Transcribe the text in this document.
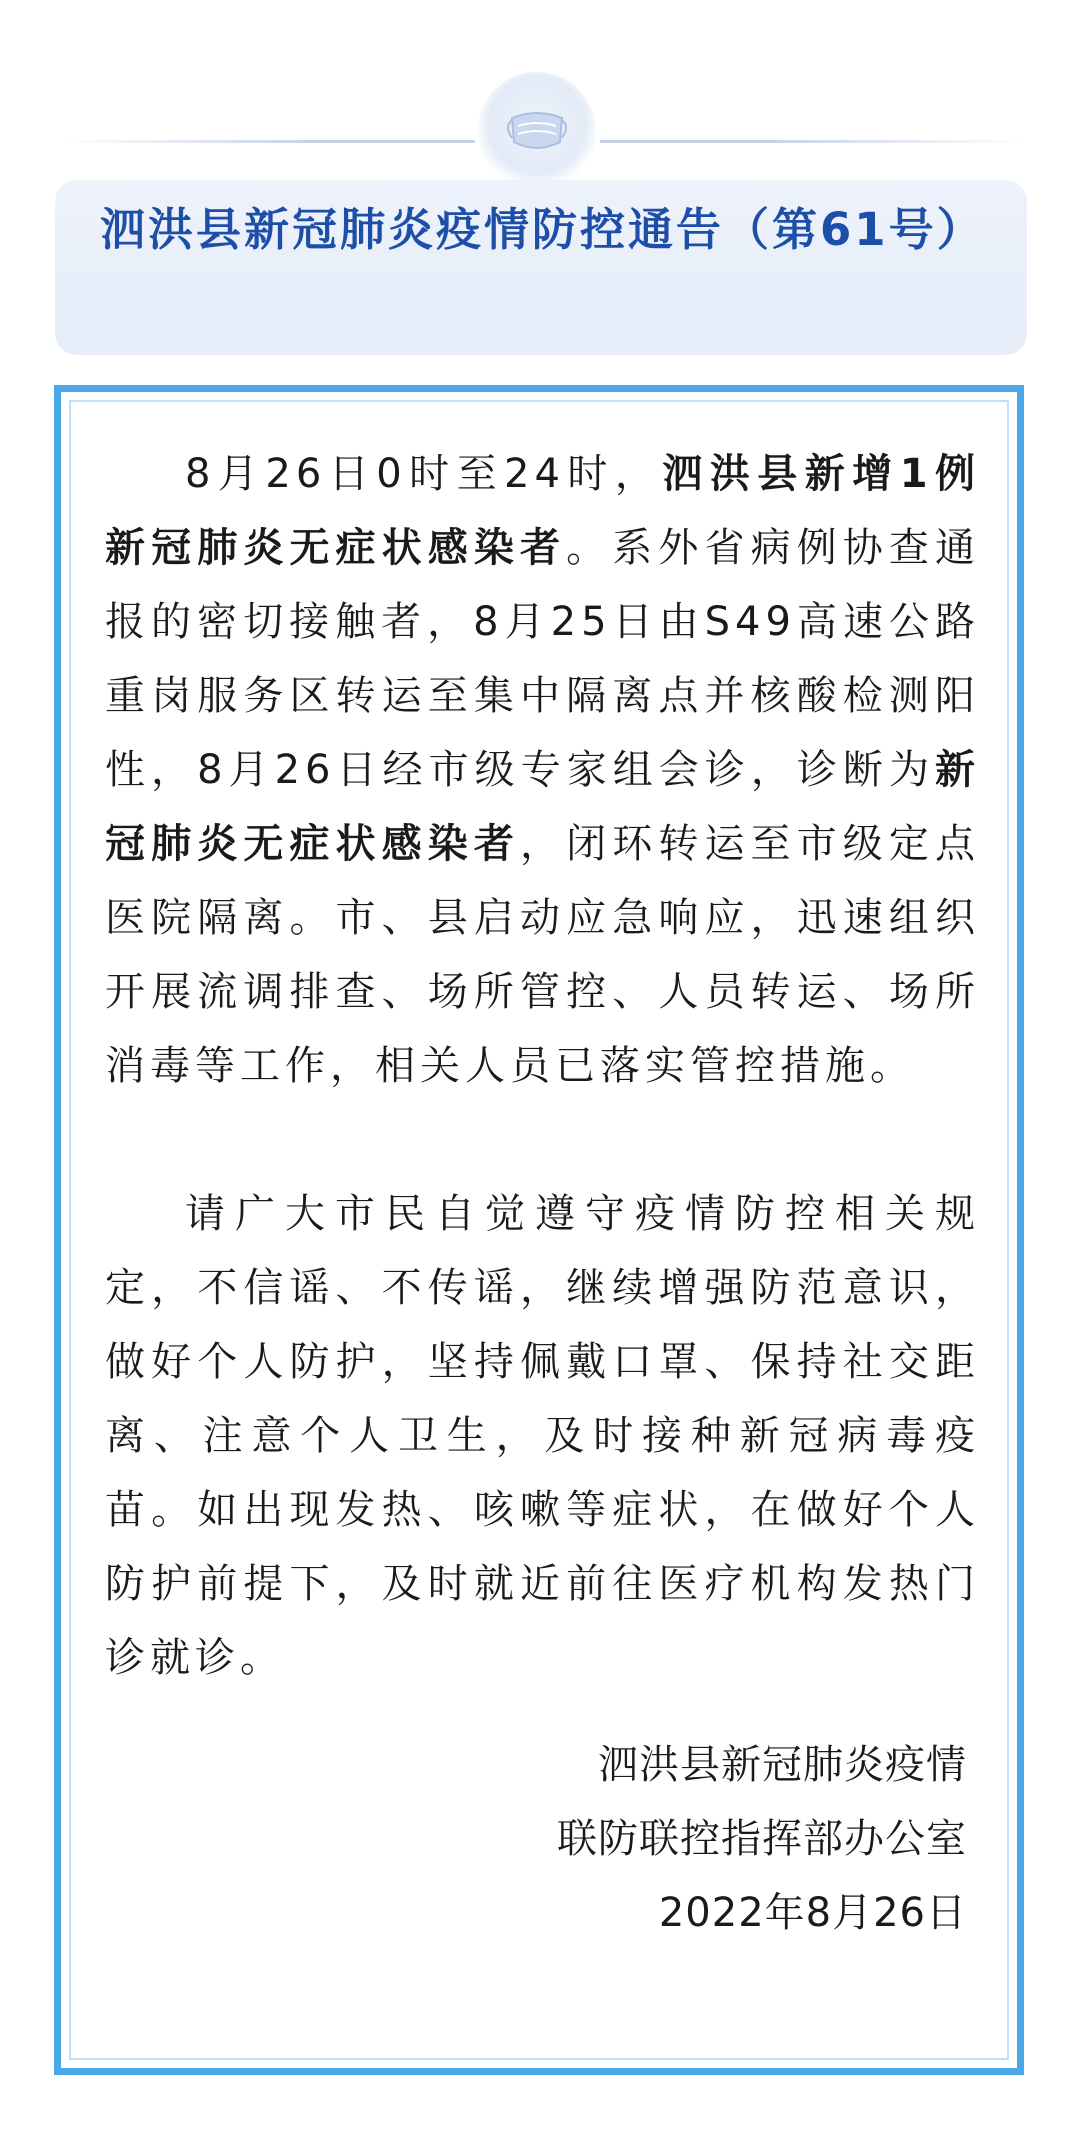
泗洪县新冠肺炎疫情防控通告（第61号）

8月26日0时至24时，泗洪县新增1例新冠肺炎无症状感染者。系外省病例协查通报的密切接触者，8月25日由S49高速公路重岗服务区转运至集中隔离点并核酸检测阳性，8月26日经市级专家组会诊，诊断为新冠肺炎无症状感染者，闭环转运至市级定点医院隔离。市、县启动应急响应，迅速组织开展流调排查、场所管控、人员转运、场所消毒等工作，相关人员已落实管控措施。

请广大市民自觉遵守疫情防控相关规定，不信谣、不传谣，继续增强防范意识，做好个人防护，坚持佩戴口罩、保持社交距离、注意个人卫生，及时接种新冠病毒疫苗。如出现发热、咳嗽等症状，在做好个人防护前提下，及时就近前往医疗机构发热门诊就诊。

泗洪县新冠肺炎疫情
联防联控指挥部办公室
2022年8月26日
